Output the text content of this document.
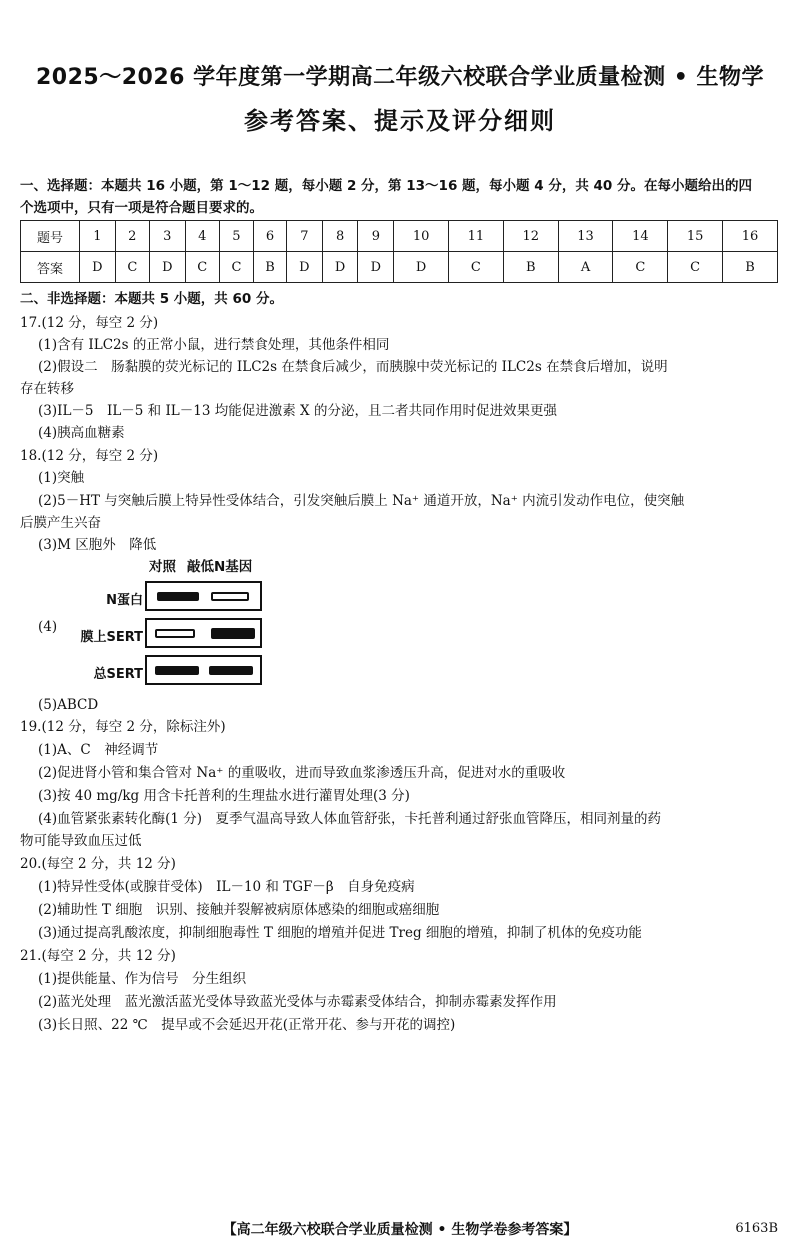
2025～2026 学年度第一学期高二年级六校联合学业质量检测 • 生物学
参考答案、提示及评分细则
一、选择题：本题共 16 小题，第 1～12 题，每小题 2 分，第 13～16 题，每小题 4 分，共 40 分。在每小题给出的四
个选项中，只有一项是符合题目要求的。
题号	1	2	3	4	5	6	7	8	9	10	11	12	13	14	15	16
答案	D	C	D	C	C	B	D	D	D	D	C	B	A	C	C	B
二、非选择题：本题共 5 小题，共 60 分。
17.(12 分，每空 2 分)
(1)含有 ILC2s 的正常小鼠，进行禁食处理，其他条件相同
(2)假设二　肠黏膜的荧光标记的 ILC2s 在禁食后减少，而胰腺中荧光标记的 ILC2s 在禁食后增加，说明
存在转移
(3)IL－5　IL－5 和 IL－13 均能促进激素 X 的分泌，且二者共同作用时促进效果更强
(4)胰高血糖素
18.(12 分，每空 2 分)
(1)突触
(2)5－HT 与突触后膜上特异性受体结合，引发突触后膜上 Na⁺ 通道开放，Na⁺ 内流引发动作电位，使突触
后膜产生兴奋
(3)M 区胞外　降低
(4)
对照 敲低N基因
N蛋白
膜上SERT
总SERT
(5)ABCD
19.(12 分，每空 2 分，除标注外)
(1)A、C　神经调节
(2)促进肾小管和集合管对 Na⁺ 的重吸收，进而导致血浆渗透压升高，促进对水的重吸收
(3)按 40 mg/kg 用含卡托普利的生理盐水进行灌胃处理(3 分)
(4)血管紧张素转化酶(1 分)　夏季气温高导致人体血管舒张，卡托普利通过舒张血管降压，相同剂量的药
物可能导致血压过低
20.(每空 2 分，共 12 分)
(1)特异性受体(或腺苷受体)　IL－10 和 TGF－β　自身免疫病
(2)辅助性 T 细胞　识别、接触并裂解被病原体感染的细胞或癌细胞
(3)通过提高乳酸浓度，抑制细胞毒性 T 细胞的增殖并促进 Treg 细胞的增殖，抑制了机体的免疫功能
21.(每空 2 分，共 12 分)
(1)提供能量、作为信号　分生组织
(2)蓝光处理　蓝光激活蓝光受体导致蓝光受体与赤霉素受体结合，抑制赤霉素发挥作用
(3)长日照、22 ℃　提早或不会延迟开花(正常开花、参与开花的调控)
【高二年级六校联合学业质量检测 • 生物学卷参考答案】	6163B
